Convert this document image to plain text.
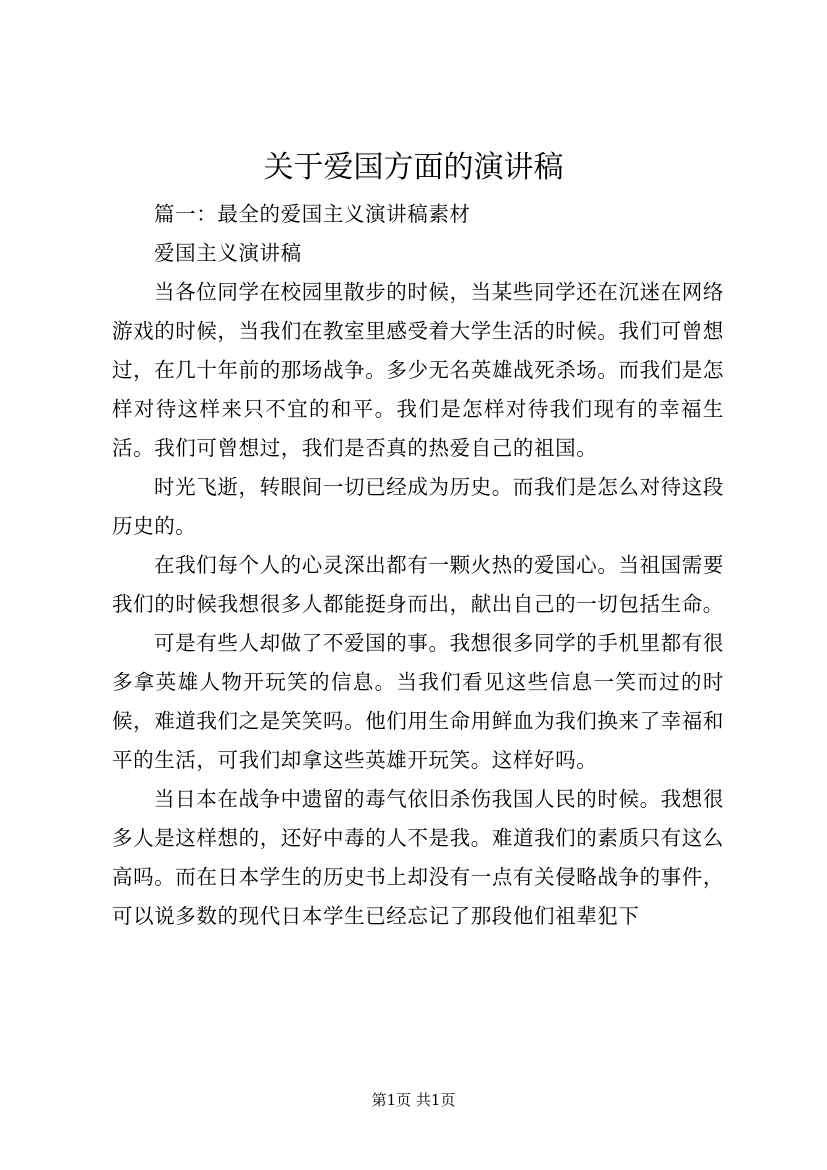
关于爱国方面的演讲稿

篇一：最全的爱国主义演讲稿素材

爱国主义演讲稿

当各位同学在校园里散步的时候，当某些同学还在沉迷在网络游戏的时候，当我们在教室里感受着大学生活的时候。我们可曾想过，在几十年前的那场战争。多少无名英雄战死杀场。而我们是怎样对待这样来只不宜的和平。我们是怎样对待我们现有的幸福生活。我们可曾想过，我们是否真的热爱自己的祖国。

时光飞逝，转眼间一切已经成为历史。而我们是怎么对待这段历史的。

在我们每个人的心灵深出都有一颗火热的爱国心。当祖国需要我们的时候我想很多人都能挺身而出，献出自己的一切包括生命。

可是有些人却做了不爱国的事。我想很多同学的手机里都有很多拿英雄人物开玩笑的信息。当我们看见这些信息一笑而过的时候，难道我们之是笑笑吗。他们用生命用鲜血为我们换来了幸福和平的生活，可我们却拿这些英雄开玩笑。这样好吗。

当日本在战争中遗留的毒气依旧杀伤我国人民的时候。我想很多人是这样想的，还好中毒的人不是我。难道我们的素质只有这么高吗。而在日本学生的历史书上却没有一点有关侵略战争的事件，可以说多数的现代日本学生已经忘记了那段他们祖辈犯下

第1页 共1页
